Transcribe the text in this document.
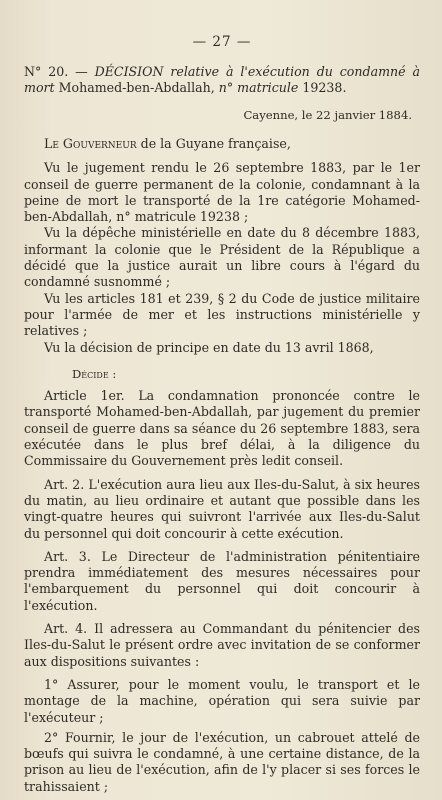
— 27 —
N° 20. — DÉCISION relative à l'exécution du condamné à mort Mohamed-ben-Abdallah, n° matricule 19238.
Cayenne, le 22 janvier 1884.

Le Gouverneur de la Guyane française,

Vu le jugement rendu le 26 septembre 1883, par le 1er conseil de guerre permanent de la colonie, condamnant à la peine de mort le transporté de la 1re catégorie Mohamed-ben-Abdallah, n° matricule 19238 ;

Vu la dépêche ministérielle en date du 8 décembre 1883, informant la colonie que le Président de la République a décidé que la justice aurait un libre cours à l'égard du condamné susnommé ;

Vu les articles 181 et 239, § 2 du Code de justice militaire pour l'armée de mer et les instructions ministérielle y relatives ;

Vu la décision de principe en date du 13 avril 1868,

Décide :

Article 1er. La condamnation prononcée contre le transporté Mohamed-ben-Abdallah, par jugement du premier conseil de guerre dans sa séance du 26 septembre 1883, sera exécutée dans le plus bref délai, à la diligence du Commissaire du Gouvernement près ledit conseil.

Art. 2. L'exécution aura lieu aux Iles-du-Salut, à six heures du matin, au lieu ordinaire et autant que possible dans les vingt-quatre heures qui suivront l'arrivée aux Iles-du-Salut du personnel qui doit concourir à cette exécution.

Art. 3. Le Directeur de l'administration pénitentiaire prendra immédiatement des mesures nécessaires pour l'embarquement du personnel qui doit concourir à l'exécution.

Art. 4. Il adressera au Commandant du pénitencier des Iles-du-Salut le présent ordre avec invitation de se conformer aux dispositions suivantes :

1° Assurer, pour le moment voulu, le transport et le montage de la machine, opération qui sera suivie par l'exécuteur ;

2° Fournir, le jour de l'exécution, un cabrouet attelé de bœufs qui suivra le condamné, à une certaine distance, de la prison au lieu de l'exécution, afin de l'y placer si ses forces le trahissaient ;
